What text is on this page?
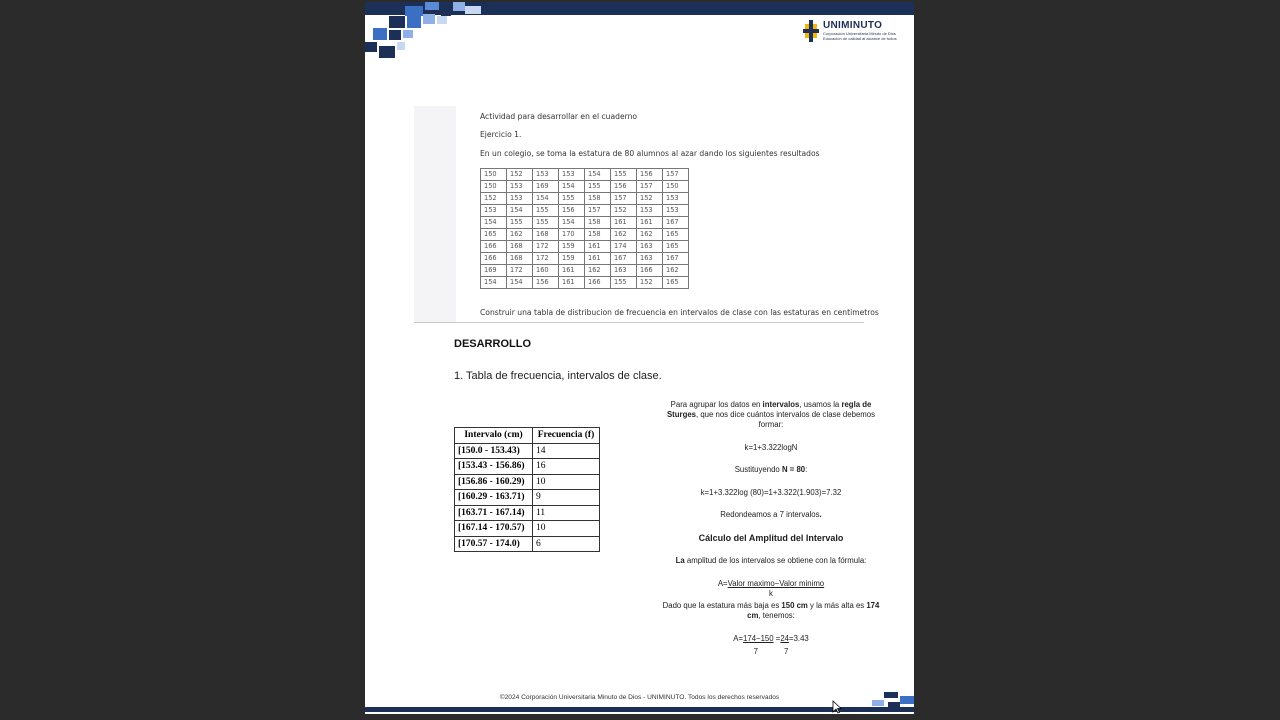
UNIMINUTO
Corporación Universitaria Minuto de Dios
Educación de calidad al alcance de todos
Actividad para desarrollar en el cuaderno
Ejercicio 1.
En un colegio, se toma la estatura de 80 alumnos al azar dando los siguientes resultados
150	152	153	153	154	155	156	157
150	153	169	154	155	156	157	150
152	153	154	155	158	157	152	153
153	154	155	156	157	152	153	153
154	155	155	154	158	161	161	167
165	162	168	170	158	162	162	165
166	168	172	159	161	174	163	165
166	168	172	159	161	167	163	167
169	172	160	161	162	163	166	162
154	154	156	161	166	155	152	165
Construir una tabla de distribucion de frecuencia en intervalos de clase con las estaturas en centimetros
DESARROLLO
1. Tabla de frecuencia, intervalos de clase.
Intervalo (cm)	Frecuencia (f)
[150.0 - 153.43)	14
[153.43 - 156.86)	16
[156.86 - 160.29)	10
[160.29 - 163.71)	9
[163.71 - 167.14)	11
[167.14 - 170.57)	10
[170.57 - 174.0)	6
Para agrupar los datos en intervalos, usamos la regla de Sturges, que nos dice cuántos intervalos de clase debemos formar:
k=1+3.322logN
Sustituyendo N = 80:
k=1+3.322log (80)=1+3.322(1.903)=7.32
Redondeamos a 7 intervalos.
Cálculo del Amplitud del Intervalo
La amplitud de los intervalos se obtiene con la fórmula:
A=Valor maximo−Valor minimo
k
Dado que la estatura más baja es 150 cm y la más alta es 174 cm, tenemos:
A=174−150 =24=3.43
7	7
©2024 Corporación Universitaria Minuto de Dios - UNIMINUTO. Todos los derechos reservados
